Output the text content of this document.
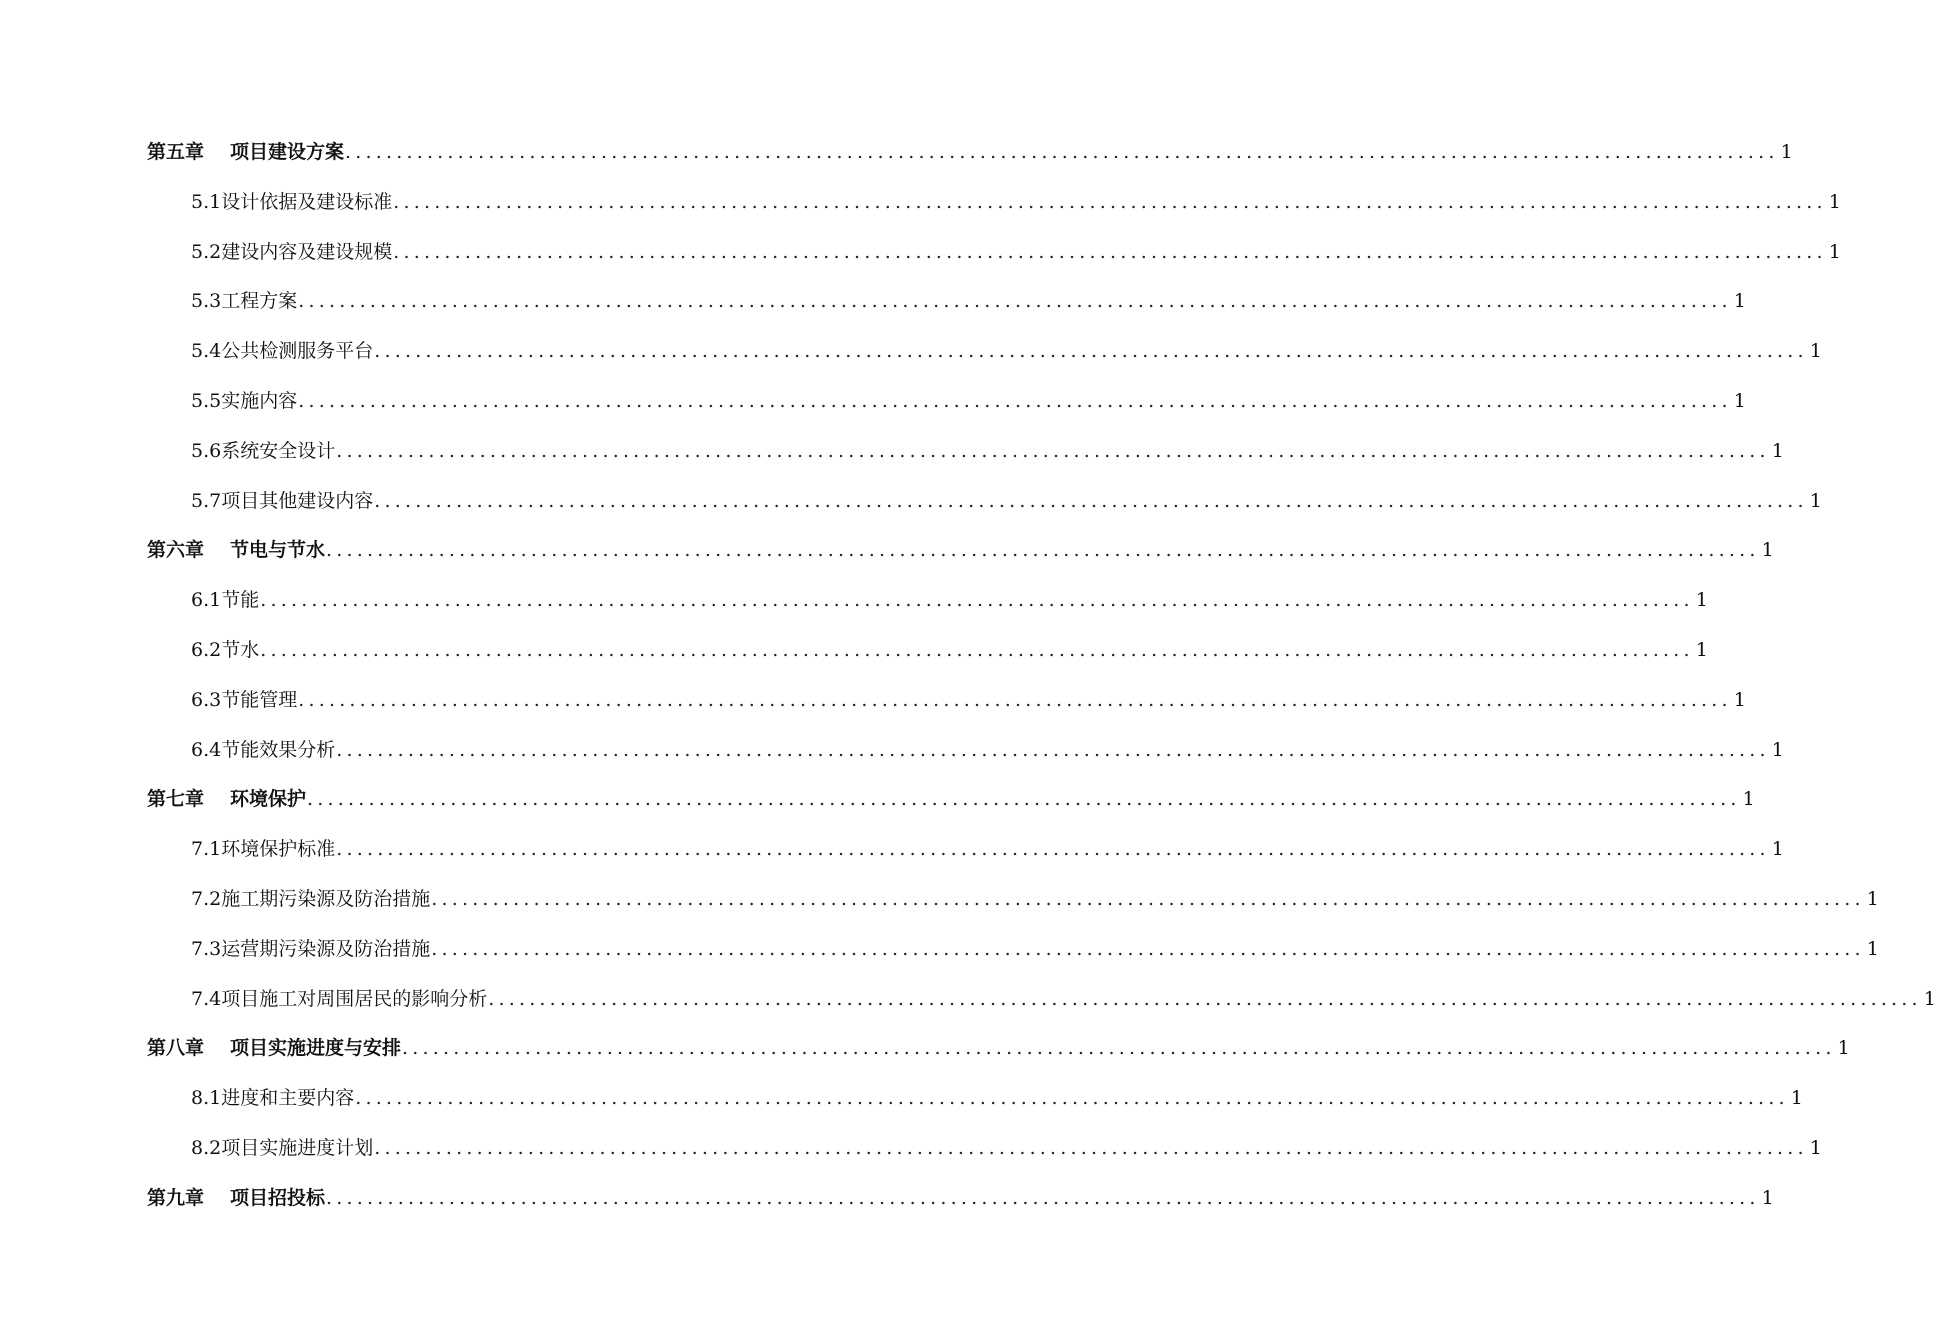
第五章 项目建设方案 ............................................................................................................................................ 1
5.1设计依据及建设标准 ............................................................................................................................................ 1
5.2建设内容及建设规模 ............................................................................................................................................ 1
5.3工程方案 ............................................................................................................................................ 1
5.4公共检测服务平台 ............................................................................................................................................ 1
5.5实施内容 ............................................................................................................................................ 1
5.6系统安全设计 ............................................................................................................................................ 1
5.7项目其他建设内容 ............................................................................................................................................ 1
第六章 节电与节水 ............................................................................................................................................ 1
6.1节能 ............................................................................................................................................ 1
6.2节水 ............................................................................................................................................ 1
6.3节能管理 ............................................................................................................................................ 1
6.4节能效果分析 ............................................................................................................................................ 1
第七章 环境保护 ............................................................................................................................................ 1
7.1环境保护标准 ............................................................................................................................................ 1
7.2施工期污染源及防治措施 ............................................................................................................................................ 1
7.3运营期污染源及防治措施 ............................................................................................................................................ 1
7.4项目施工对周围居民的影响分析 ............................................................................................................................................ 1
第八章 项目实施进度与安排 ............................................................................................................................................ 1
8.1进度和主要内容 ............................................................................................................................................ 1
8.2项目实施进度计划 ............................................................................................................................................ 1
第九章 项目招投标 ............................................................................................................................................ 1
